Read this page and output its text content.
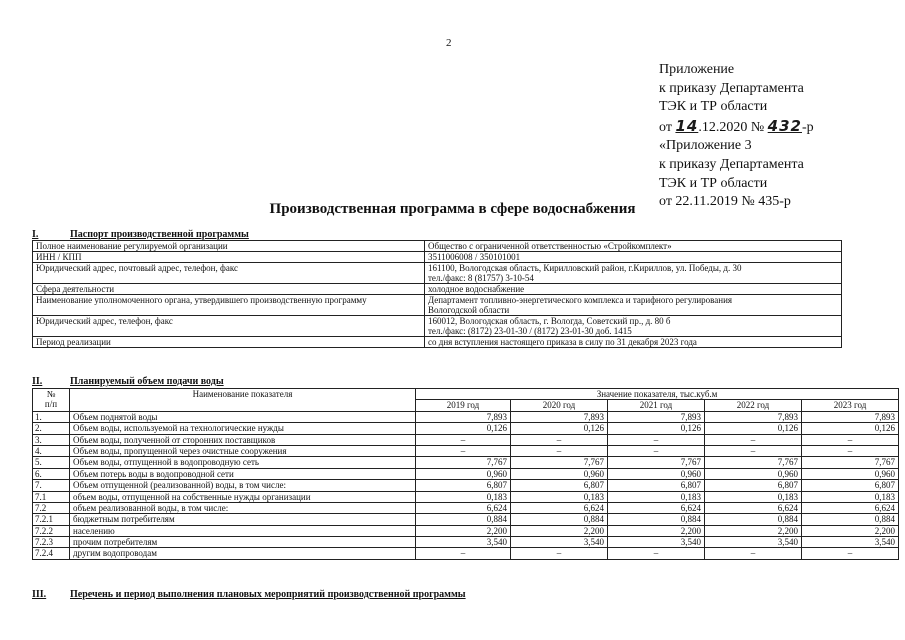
2
Приложение
к приказу Департамента
ТЭК и ТР области
от 14.12.2020 № 432-р
«Приложение 3
к приказу Департамента
ТЭК и ТР области
от 22.11.2019 № 435-р
Производственная программа в сфере водоснабжения
I.	Паспорт производственной программы
Полное наименование регулируемой организации	Общество с ограниченной ответственностью «Стройкомплект»

ИНН / КПП	3511006008 / 350101001

Юридический адрес, почтовый адрес, телефон, факс	161100, Вологодская область, Кирилловский район, г.Кириллов, ул. Победы, д. 30
тел./факс: 8 (81757) 3-10-54

Сфера деятельности	холодное водоснабжение

Наименование уполномоченного органа, утвердившего производственную программу	Департамент топливно-энергетического комплекса и тарифного регулирования
Вологодской области

Юридический адрес, телефон, факс	160012, Вологодская область, г. Вологда, Советский пр., д. 80 б
тел./факс: (8172) 23-01-30 / (8172) 23-01-30 доб. 1415

Период реализации	со дня вступления настоящего приказа в силу по 31 декабря 2023 года
II.	Планируемый объем подачи воды
№
п/п	Наименование показателя	Значение показателя, тыс.куб.м				
		2019 год	2020 год	2021 год	2022 год	2023 год
1.	Объем поднятой воды	7,893	7,893	7,893	7,893	7,893
2.	Объем воды, используемой на технологические нужды	0,126	0,126	0,126	0,126	0,126
3.	Объем воды, полученной от сторонних поставщиков	–	–	–	–	–
4.	Объем воды, пропущенной через очистные сооружения	–	–	–	–	–
5.	Объем воды, отпущенной в водопроводную сеть	7,767	7,767	7,767	7,767	7,767
6.	Объем потерь воды в водопроводной сети	0,960	0,960	0,960	0,960	0,960
7.	Объем отпущенной (реализованной) воды, в том числе:	6,807	6,807	6,807	6,807	6,807
7.1	объем воды, отпущенной на собственные нужды организации	0,183	0,183	0,183	0,183	0,183
7.2	объем реализованной воды, в том числе:	6,624	6,624	6,624	6,624	6,624
7.2.1	бюджетным потребителям	0,884	0,884	0,884	0,884	0,884
7.2.2	населению	2,200	2,200	2,200	2,200	2,200
7.2.3	прочим потребителям	3,540	3,540	3,540	3,540	3,540
7.2.4	другим водопроводам	–	–	–	–	–
III. Перечень и период выполнения плановых мероприятий производственной программы
